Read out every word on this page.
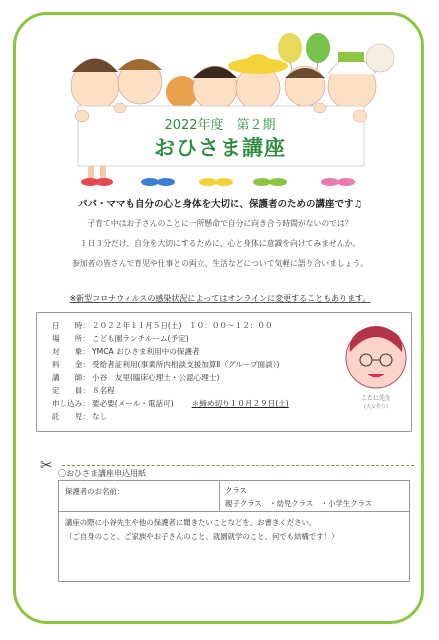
2022年度　第２期
おひさま講座
パパ・ママも自分の心と身体を大切に、保護者のための講座です♫
子育て中はお子さんのことに一所懸命で自分に向き合う時間がないのでは？
１日３分だけ、自分を大切にするために、心と身体に意識を向けてみませんか。
参加者の皆さんで育児や仕事との両立、生活などについて気軽に語り合いましょう。
※新型コロナウィルスの感染状況によってはオンラインに変更することもあります。
日　　時： ２０２２年１１月５日(土)　１０：００～１２：００
場　　所： こども園ランチルーム(予定)
対　　象： YMCA おひさま利用中の保護者
料　　金： 受給者証利用(事業所内相談支援加算Ⅱ（グループ面談）)
講　　師： 小谷　友里(臨床心理士・公認心理士)
定　　員： ８名程
申し込み： 要必要(メール・電話可) ＊締め切り１０月２９日(土)
託　　児： なし
こたに先生
(大女作り)
✂ 〇おひさま講座申込用紙
保護者のお名前：	クラス
親子クラス　・幼児クラス　・小学生クラス
講座の際に小谷先生や他の保護者に聞きたいことなどを、お書きください。
（ご自身のこと、ご家族やお子さんのこと、就園就学のこと、何でも結構です！）
